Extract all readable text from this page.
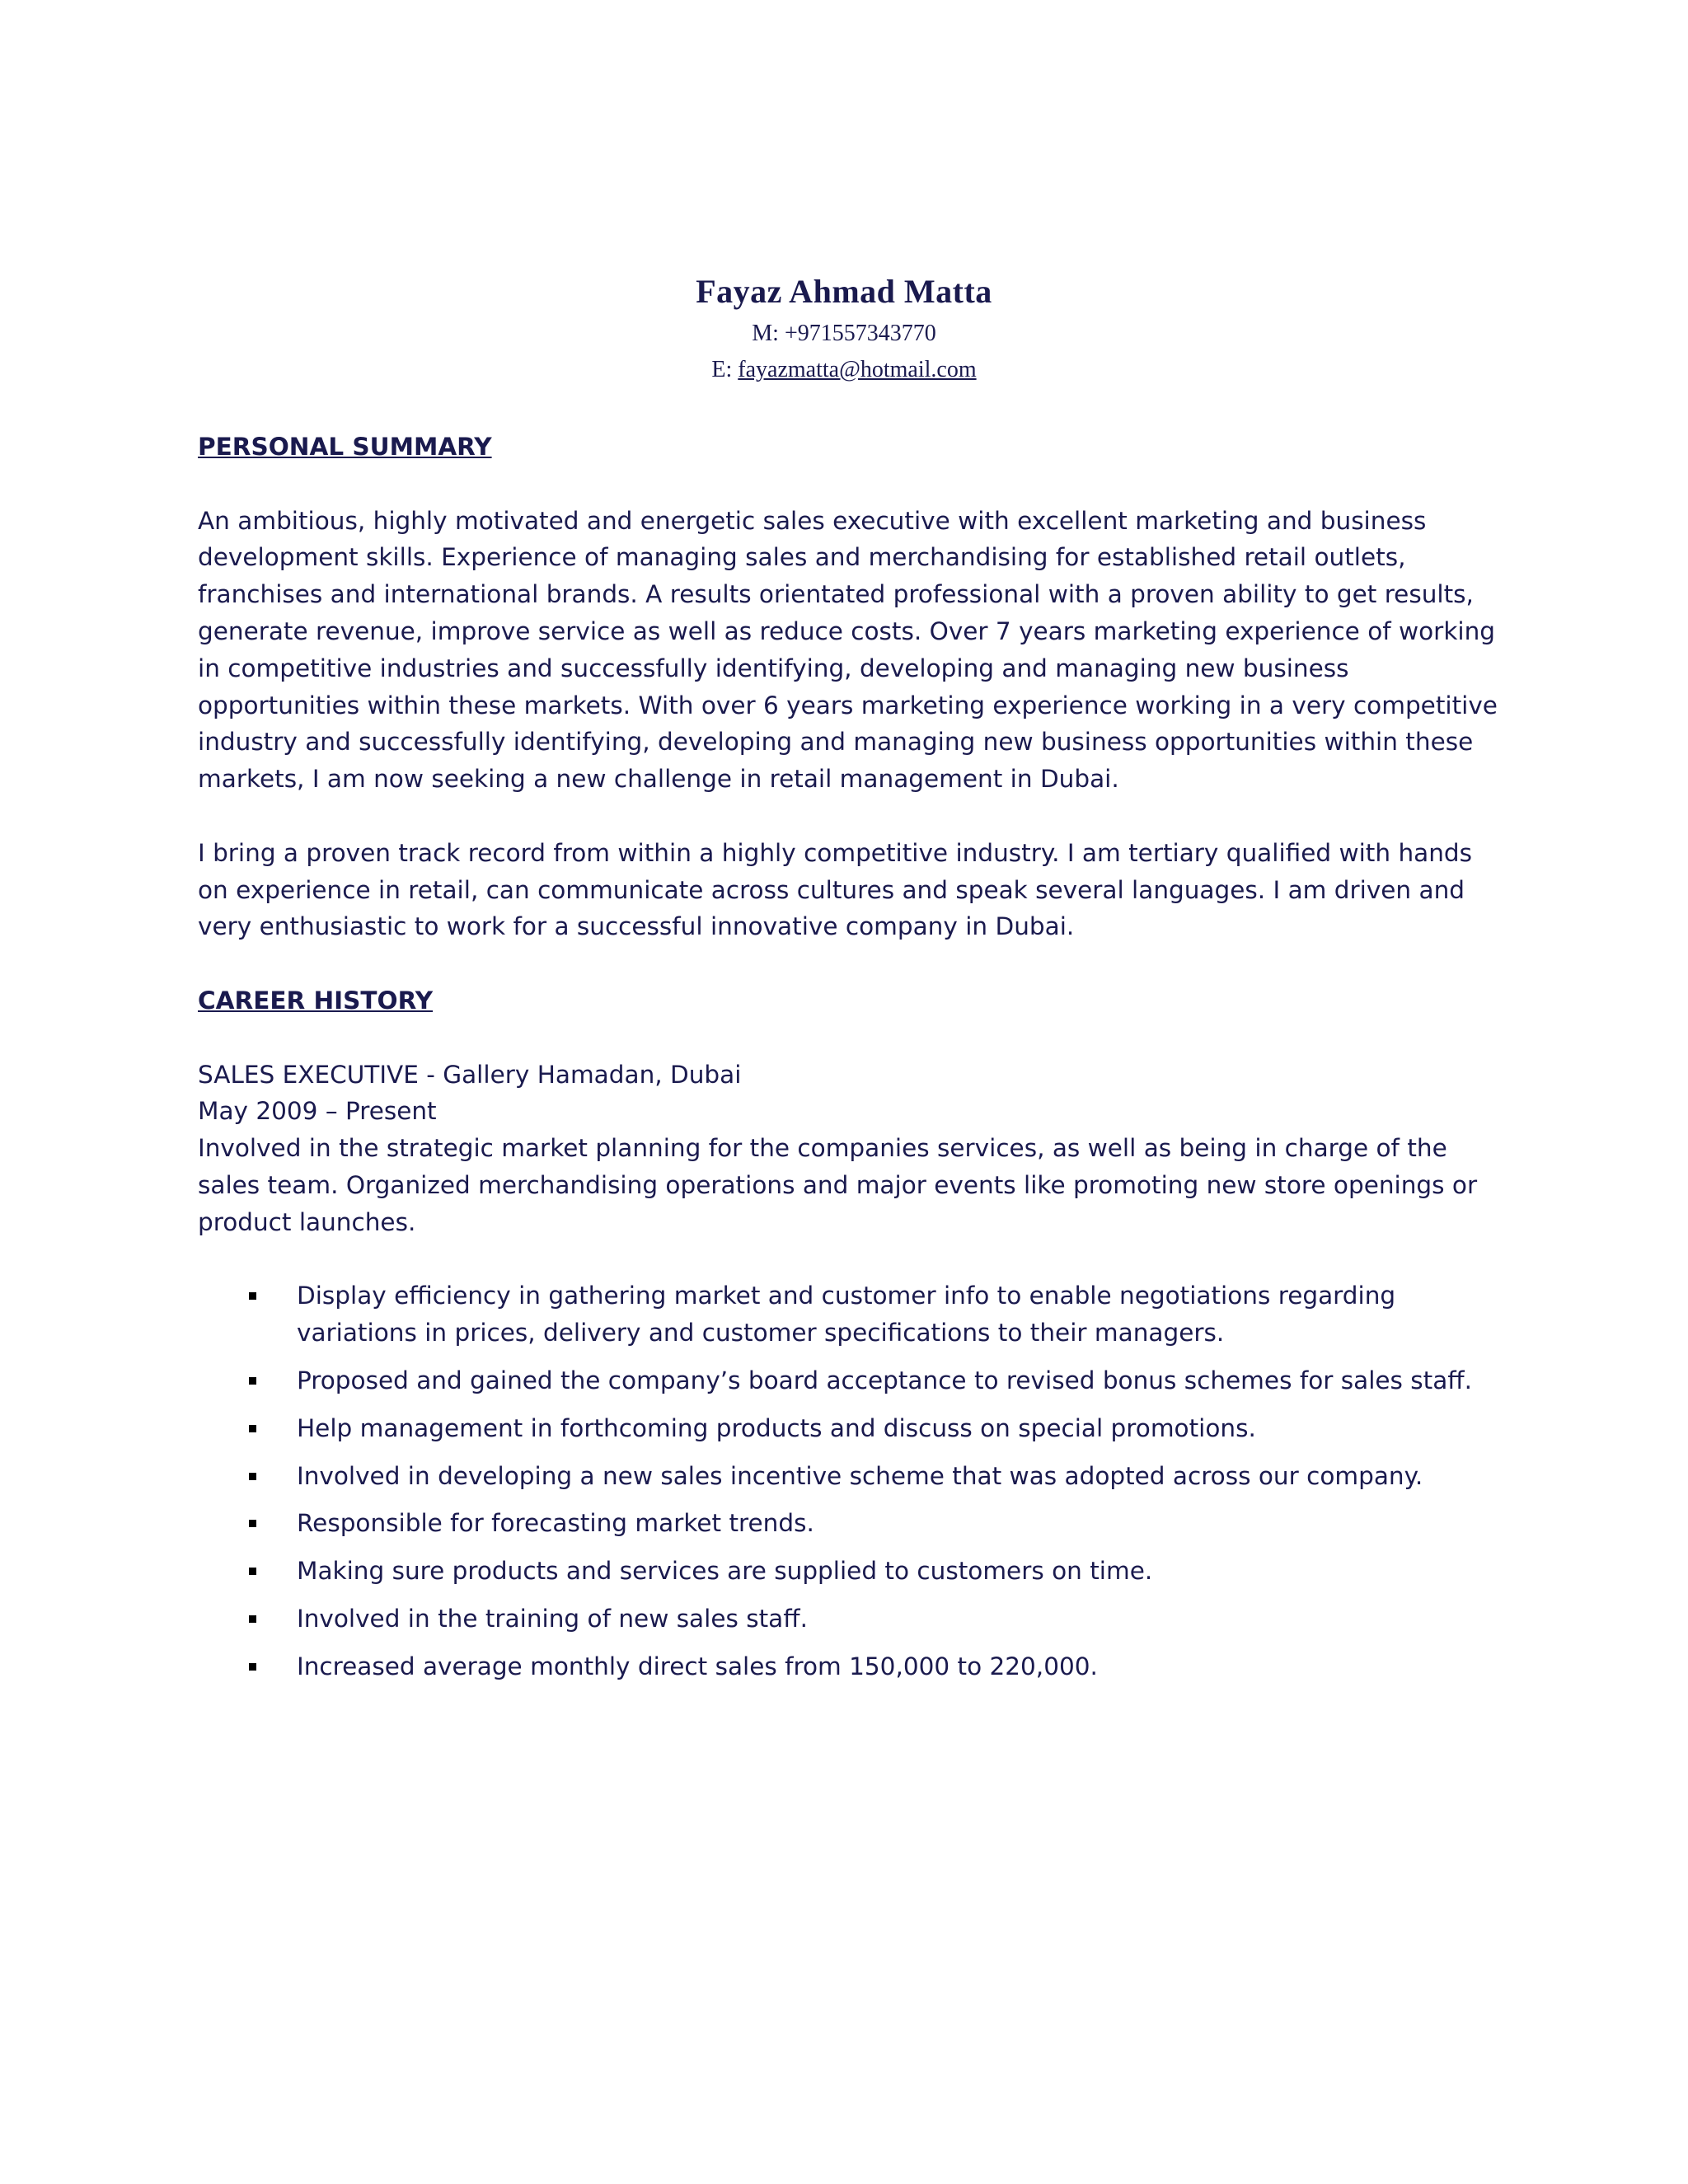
Fayaz Ahmad Matta
M: +971557343770
E: fayazmatta@hotmail.com

PERSONAL SUMMARY

An ambitious, highly motivated and energetic sales executive with excellent marketing and business development skills. Experience of managing sales and merchandising for established retail outlets, franchises and international brands. A results orientated professional with a proven ability to get results, generate revenue, improve service as well as reduce costs. Over 7 years marketing experience of working in competitive industries and successfully identifying, developing and managing new business opportunities within these markets. With over 6 years marketing experience working in a very competitive industry and successfully identifying, developing and managing new business opportunities within these markets, I am now seeking a new challenge in retail management in Dubai.

I bring a proven track record from within a highly competitive industry. I am tertiary qualified with hands on experience in retail, can communicate across cultures and speak several languages. I am driven and very enthusiastic to work for a successful innovative company in Dubai.

CAREER HISTORY

SALES EXECUTIVE - Gallery Hamadan, Dubai

May 2009 – Present

Involved in the strategic market planning for the companies services, as well as being in charge of the sales team. Organized merchandising operations and major events like promoting new store openings or product launches.

Display efficiency in gathering market and customer info to enable negotiations regarding variations in prices, delivery and customer specifications to their managers.
Proposed and gained the company’s board acceptance to revised bonus schemes for sales staff.
Help management in forthcoming products and discuss on special promotions.
Involved in developing a new sales incentive scheme that was adopted across our company.
Responsible for forecasting market trends.
Making sure products and services are supplied to customers on time.
Involved in the training of new sales staff.
Increased average monthly direct sales from 150,000 to 220,000.
